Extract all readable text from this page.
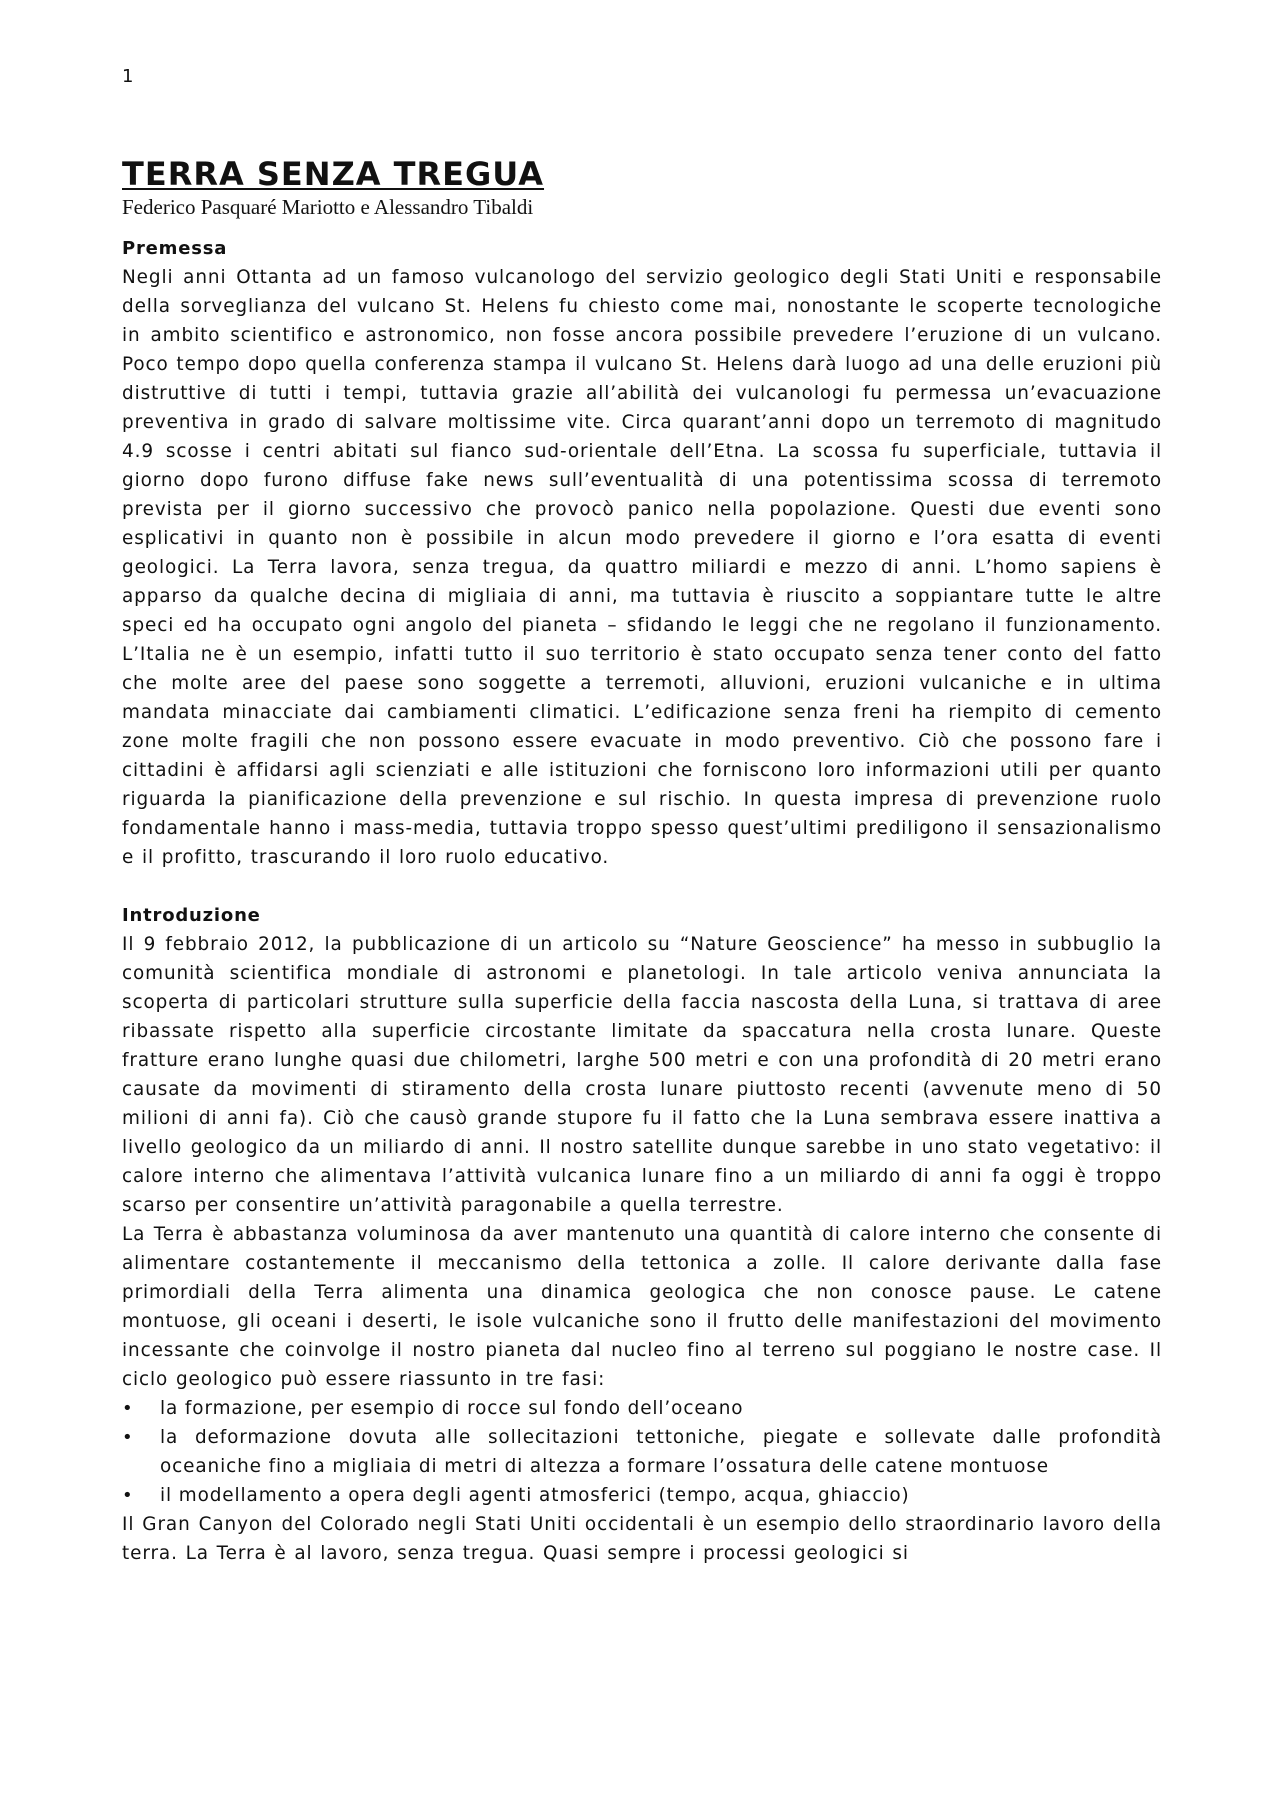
1
TERRA SENZA TREGUA
Federico Pasquaré Mariotto e Alessandro Tibaldi
Premessa

Negli anni Ottanta ad un famoso vulcanologo del servizio geologico degli Stati Uniti e responsabile della sorveglianza del vulcano St. Helens fu chiesto come mai, nonostante le scoperte tecnologiche in ambito scientifico e astronomico, non fosse ancora possibile prevedere l’eruzione di un vulcano. Poco tempo dopo quella conferenza stampa il vulcano St. Helens darà luogo ad una delle eruzioni più distruttive di tutti i tempi, tuttavia grazie all’abilità dei vulcanologi fu permessa un’evacuazione preventiva in grado di salvare moltissime vite. Circa quarant’anni dopo un terremoto di magnitudo 4.9 scosse i centri abitati sul fianco sud-orientale dell’Etna. La scossa fu superficiale, tuttavia il giorno dopo furono diffuse fake news sull’eventualità di una potentissima scossa di terremoto prevista per il giorno successivo che provocò panico nella popolazione. Questi due eventi sono esplicativi in quanto non è possibile in alcun modo prevedere il giorno e l’ora esatta di eventi geologici. La Terra lavora, senza tregua, da quattro miliardi e mezzo di anni. L’homo sapiens è apparso da qualche decina di migliaia di anni, ma tuttavia è riuscito a soppiantare tutte le altre speci ed ha occupato ogni angolo del pianeta – sfidando le leggi che ne regolano il funzionamento. L’Italia ne è un esempio, infatti tutto il suo territorio è stato occupato senza tener conto del fatto che molte aree del paese sono soggette a terremoti, alluvioni, eruzioni vulcaniche e in ultima mandata minacciate dai cambiamenti climatici. L’edificazione senza freni ha riempito di cemento zone molte fragili che non possono essere evacuate in modo preventivo. Ciò che possono fare i cittadini è affidarsi agli scienziati e alle istituzioni che forniscono loro informazioni utili per quanto riguarda la pianificazione della prevenzione e sul rischio. In questa impresa di prevenzione ruolo fondamentale hanno i mass-media, tuttavia troppo spesso quest’ultimi prediligono il sensazionalismo e il profitto, trascurando il loro ruolo educativo.

Introduzione

Il 9 febbraio 2012, la pubblicazione di un articolo su “Nature Geoscience” ha messo in subbuglio la comunità scientifica mondiale di astronomi e planetologi. In tale articolo veniva annunciata la scoperta di particolari strutture sulla superficie della faccia nascosta della Luna, si trattava di aree ribassate rispetto alla superficie circostante limitate da spaccatura nella crosta lunare. Queste fratture erano lunghe quasi due chilometri, larghe 500 metri e con una profondità di 20 metri erano causate da movimenti di stiramento della crosta lunare piuttosto recenti (avvenute meno di 50 milioni di anni fa). Ciò che causò grande stupore fu il fatto che la Luna sembrava essere inattiva a livello geologico da un miliardo di anni. Il nostro satellite dunque sarebbe in uno stato vegetativo: il calore interno che alimentava l’attività vulcanica lunare fino a un miliardo di anni fa oggi è troppo scarso per consentire un’attività paragonabile a quella terrestre.

La Terra è abbastanza voluminosa da aver mantenuto una quantità di calore interno che consente di alimentare costantemente il meccanismo della tettonica a zolle. Il calore derivante dalla fase primordiali della Terra alimenta una dinamica geologica che non conosce pause. Le catene montuose, gli oceani i deserti, le isole vulcaniche sono il frutto delle manifestazioni del movimento incessante che coinvolge il nostro pianeta dal nucleo fino al terreno sul poggiano le nostre case. Il ciclo geologico può essere riassunto in tre fasi:

• la formazione, per esempio di rocce sul fondo dell’oceano
• la deformazione dovuta alle sollecitazioni tettoniche, piegate e sollevate dalle profondità oceaniche fino a migliaia di metri di altezza a formare l’ossatura delle catene montuose
• il modellamento a opera degli agenti atmosferici (tempo, acqua, ghiaccio)

Il Gran Canyon del Colorado negli Stati Uniti occidentali è un esempio dello straordinario lavoro della terra. La Terra è al lavoro, senza tregua. Quasi sempre i processi geologici si
